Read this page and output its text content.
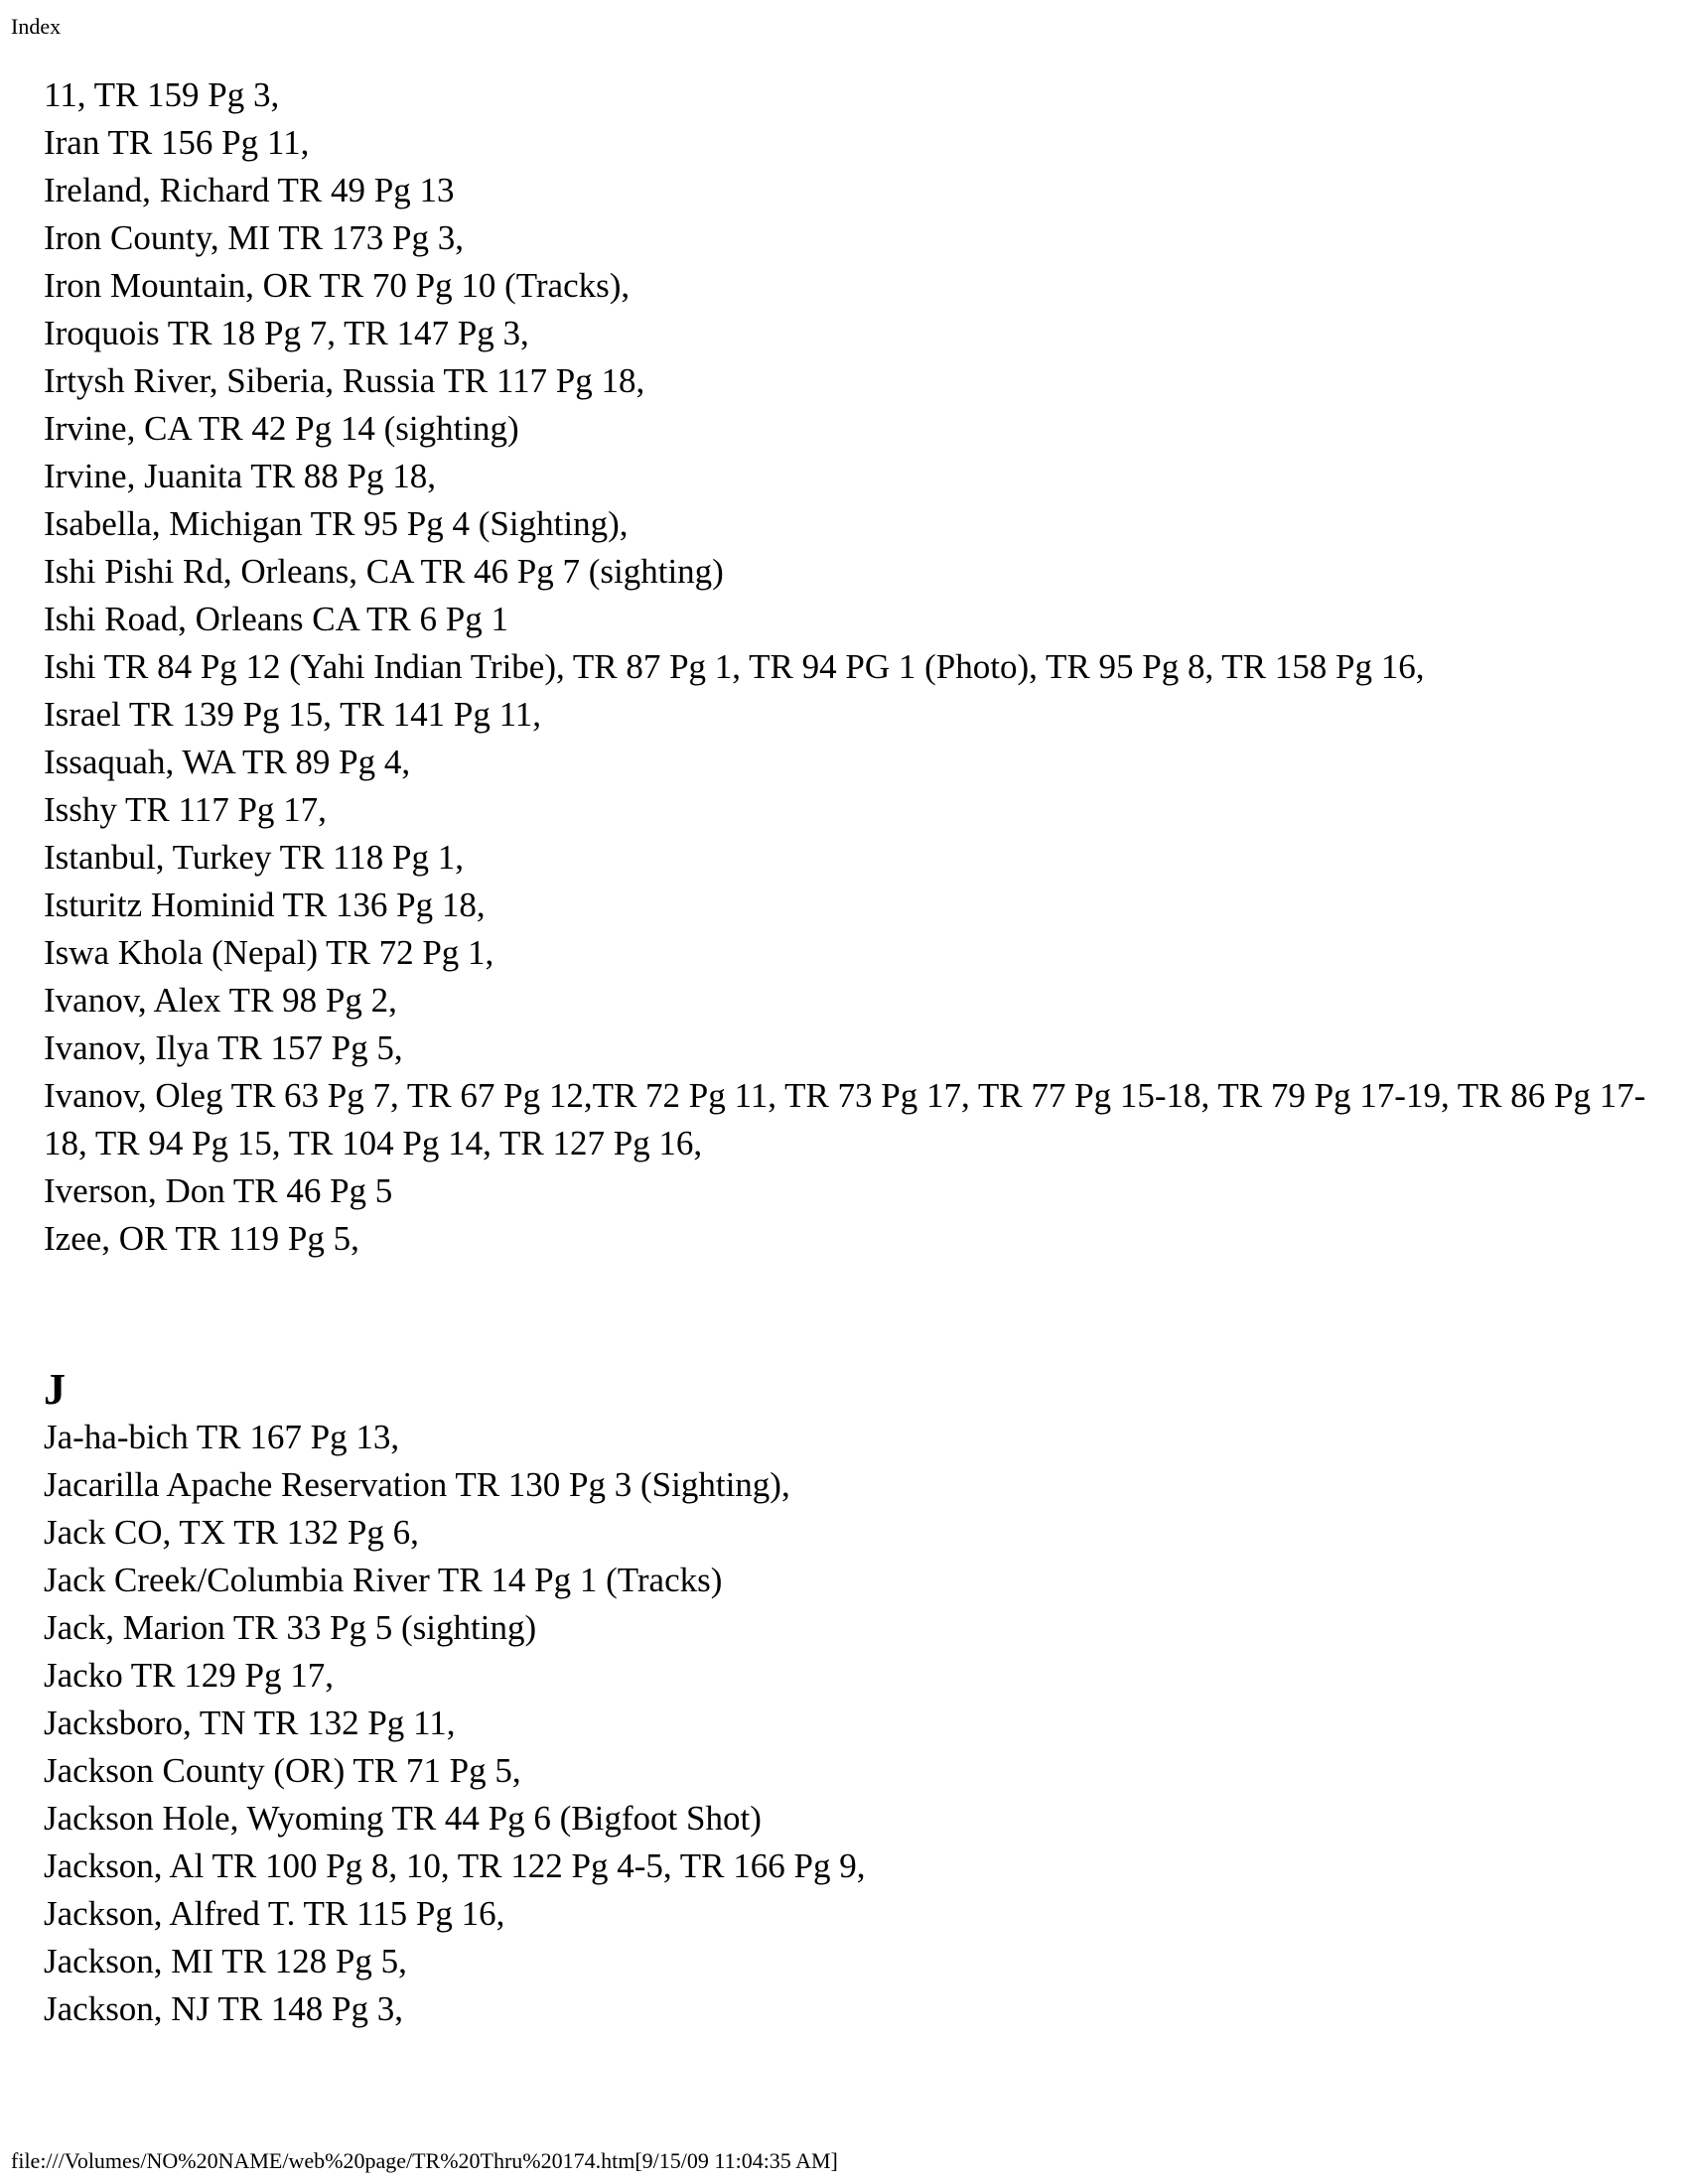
Index

11, TR 159 Pg 3,

Iran TR 156 Pg 11,

Ireland, Richard TR 49 Pg 13

Iron County, MI TR 173 Pg 3,

Iron Mountain, OR TR 70 Pg 10 (Tracks),

Iroquois TR 18 Pg 7, TR 147 Pg 3,

Irtysh River, Siberia, Russia TR 117 Pg 18,

Irvine, CA TR 42 Pg 14 (sighting)

Irvine, Juanita TR 88 Pg 18,

Isabella, Michigan TR 95 Pg 4 (Sighting),

Ishi Pishi Rd, Orleans, CA TR 46 Pg 7 (sighting)

Ishi Road, Orleans CA TR 6 Pg 1

Ishi TR 84 Pg 12 (Yahi Indian Tribe), TR 87 Pg 1, TR 94 PG 1 (Photo), TR 95 Pg 8, TR 158 Pg 16,

Israel TR 139 Pg 15, TR 141 Pg 11,

Issaquah, WA TR 89 Pg 4,

Isshy TR 117 Pg 17,

Istanbul, Turkey TR 118 Pg 1,

Isturitz Hominid TR 136 Pg 18,

Iswa Khola (Nepal) TR 72 Pg 1,

Ivanov, Alex TR 98 Pg 2,

Ivanov, Ilya TR 157 Pg 5,

Ivanov, Oleg TR 63 Pg 7, TR 67 Pg 12,TR 72 Pg 11, TR 73 Pg 17, TR 77 Pg 15-18, TR 79 Pg 17-19, TR 86 Pg 17-18, TR 94 Pg 15, TR 104 Pg 14, TR 127 Pg 16,

Iverson, Don TR 46 Pg 5

Izee, OR TR 119 Pg 5,

J

Ja-ha-bich TR 167 Pg 13,

Jacarilla Apache Reservation TR 130 Pg 3 (Sighting),

Jack CO, TX TR 132 Pg 6,

Jack Creek/Columbia River TR 14 Pg 1 (Tracks)

Jack, Marion TR 33 Pg 5 (sighting)

Jacko TR 129 Pg 17,

Jacksboro, TN TR 132 Pg 11,

Jackson County (OR) TR 71 Pg 5,

Jackson Hole, Wyoming TR 44 Pg 6 (Bigfoot Shot)

Jackson, Al TR 100 Pg 8, 10, TR 122 Pg 4-5, TR 166 Pg 9,

Jackson, Alfred T. TR 115 Pg 16,

Jackson, MI TR 128 Pg 5,

Jackson, NJ TR 148 Pg 3,

file:///Volumes/NO%20NAME/web%20page/TR%20Thru%20174.htm[9/15/09 11:04:35 AM]
